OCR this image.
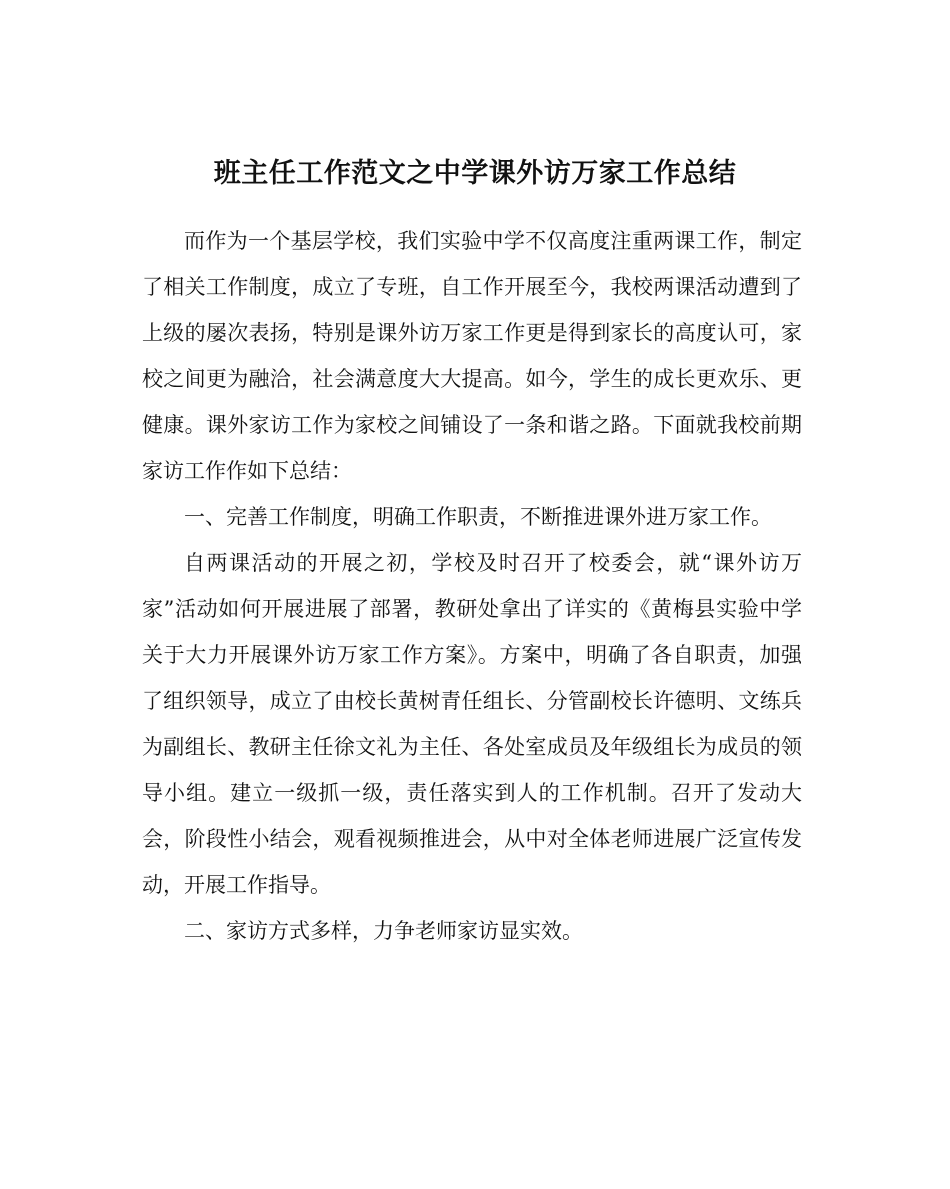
班主任工作范文之中学课外访万家工作总结

而作为一个基层学校，我们实验中学不仅高度注重两课工作，制定了相关工作制度，成立了专班，自工作开展至今，我校两课活动遭到了上级的屡次表扬，特别是课外访万家工作更是得到家长的高度认可，家校之间更为融洽，社会满意度大大提高。如今，学生的成长更欢乐、更健康。课外家访工作为家校之间铺设了一条和谐之路。下面就我校前期家访工作作如下总结：

一、完善工作制度，明确工作职责，不断推进课外进万家工作。

自两课活动的开展之初，学校及时召开了校委会，就“课外访万家”活动如何开展进展了部署，教研处拿出了详实的《黄梅县实验中学关于大力开展课外访万家工作方案》。方案中，明确了各自职责，加强了组织领导，成立了由校长黄树青任组长、分管副校长许德明、文练兵为副组长、教研主任徐文礼为主任、各处室成员及年级组长为成员的领导小组。建立一级抓一级，责任落实到人的工作机制。召开了发动大会，阶段性小结会，观看视频推进会，从中对全体老师进展广泛宣传发动，开展工作指导。

二、家访方式多样，力争老师家访显实效。
